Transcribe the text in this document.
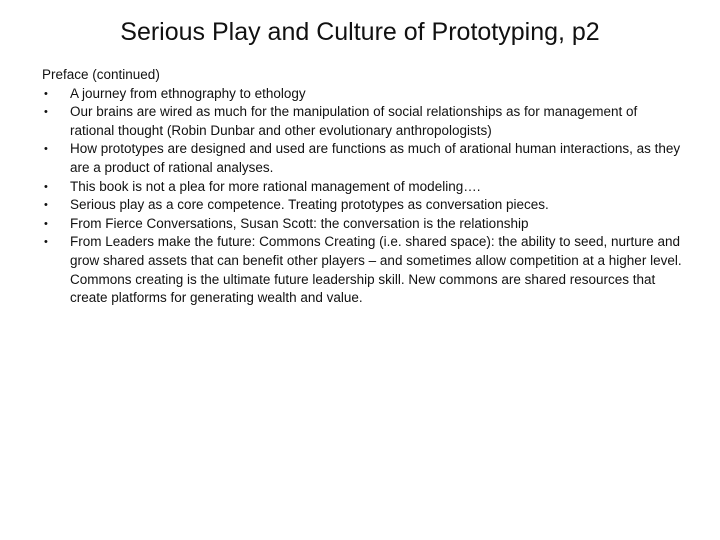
Serious Play and Culture of Prototyping, p2

Preface (continued)

• A journey from ethnography to ethology
• Our brains are wired as much for the manipulation of social relationships as for management of rational thought (Robin Dunbar and other evolutionary anthropologists)
• How prototypes are designed and used are functions as much of arational human interactions, as they are a product of rational analyses.
• This book is not a plea for more rational management of modeling….
• Serious play as a core competence. Treating prototypes as conversation pieces.
• From Fierce Conversations, Susan Scott: the conversation is the relationship
• From Leaders make the future: Commons Creating (i.e. shared space): the ability to seed, nurture and grow shared assets that can benefit other players – and sometimes allow competition at a higher level. Commons creating is the ultimate future leadership skill. New commons are shared resources that create platforms for generating wealth and value.
